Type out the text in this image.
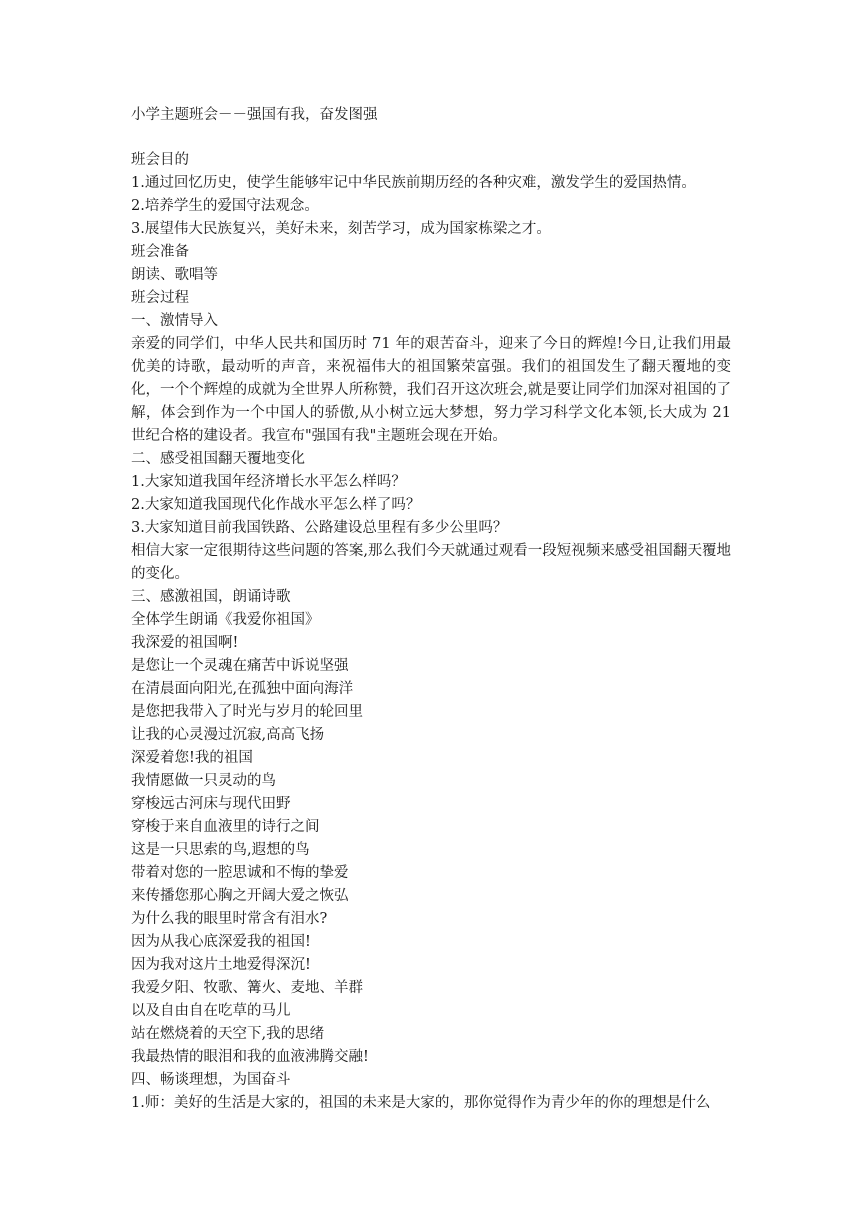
小学主题班会－－强国有我，奋发图强
班会目的
1.通过回忆历史，使学生能够牢记中华民族前期历经的各种灾难，激发学生的爱国热情。
2.培养学生的爱国守法观念。
3.展望伟大民族复兴，美好未来，刻苦学习，成为国家栋梁之才。
班会准备
朗读、歌唱等
班会过程
一、激情导入
亲爱的同学们，中华人民共和国历时 71 年的艰苦奋斗，迎来了今日的辉煌!今日,让我们用最优美的诗歌，最动听的声音，来祝福伟大的祖国繁荣富强。我们的祖国发生了翻天覆地的变化，一个个辉煌的成就为全世界人所称赞，我们召开这次班会,就是要让同学们加深对祖国的了解，体会到作为一个中国人的骄傲,从小树立远大梦想，努力学习科学文化本领,长大成为 21 世纪合格的建设者。我宣布"强国有我"主题班会现在开始。
二、感受祖国翻天覆地变化
1.大家知道我国年经济增长水平怎么样吗？
2.大家知道我国现代化作战水平怎么样了吗？
3.大家知道目前我国铁路、公路建设总里程有多少公里吗？
相信大家一定很期待这些问题的答案,那么我们今天就通过观看一段短视频来感受祖国翻天覆地的变化。
三、感激祖国，朗诵诗歌
全体学生朗诵《我爱你祖国》
我深爱的祖国啊!
是您让一个灵魂在痛苦中诉说坚强
在清晨面向阳光,在孤独中面向海洋
是您把我带入了时光与岁月的轮回里
让我的心灵漫过沉寂,高高飞扬
深爱着您!我的祖国
我情愿做一只灵动的鸟
穿梭远古河床与现代田野
穿梭于来自血液里的诗行之间
这是一只思索的鸟,遐想的鸟
带着对您的一腔思诚和不悔的挚爱
来传播您那心胸之开阔大爱之恢弘
为什么我的眼里时常含有泪水?
因为从我心底深爱我的祖国!
因为我对这片土地爱得深沉!
我爱夕阳、牧歌、篝火、麦地、羊群
以及自由自在吃草的马儿
站在燃烧着的天空下,我的思绪
我最热情的眼泪和我的血液沸腾交融!
四、畅谈理想，为国奋斗
1.师：美好的生活是大家的，祖国的未来是大家的，那你觉得作为青少年的你的理想是什么
